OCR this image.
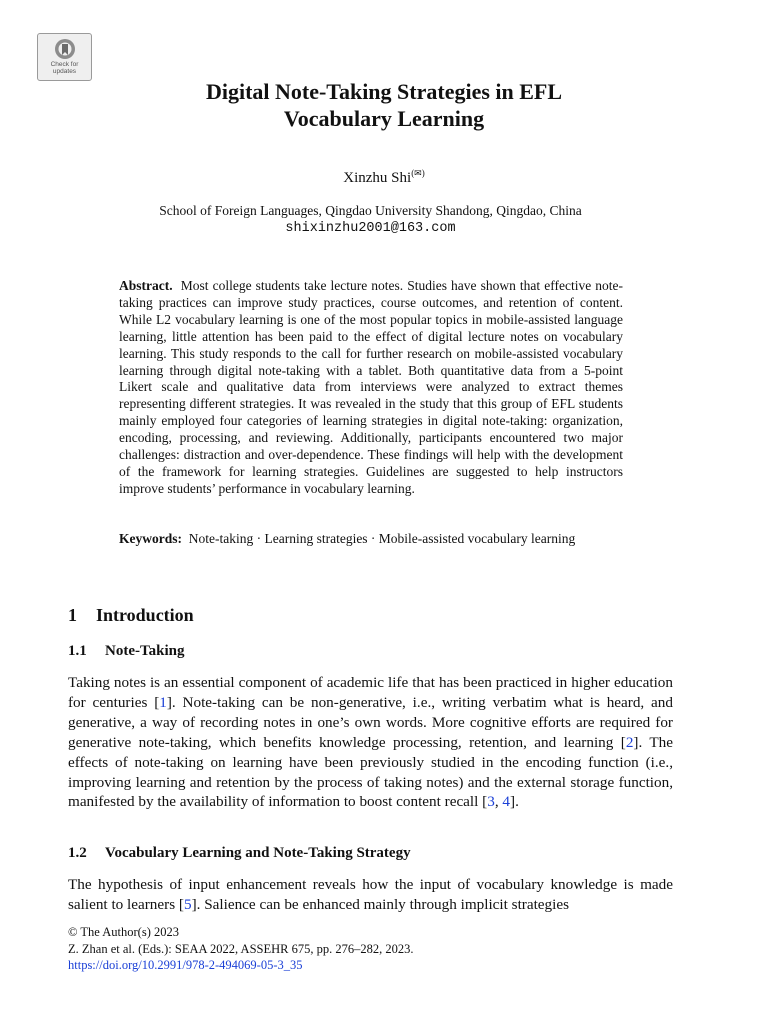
Check for
updates
Digital Note-Taking Strategies in EFL
Vocabulary Learning
Xinzhu Shi(✉)
School of Foreign Languages, Qingdao University Shandong, Qingdao, China
shixinzhu2001@163.com
Abstract. Most college students take lecture notes. Studies have shown that effective note-taking practices can improve study practices, course outcomes, and retention of content. While L2 vocabulary learning is one of the most popular topics in mobile-assisted language learning, little attention has been paid to the effect of digital lecture notes on vocabulary learning. This study responds to the call for further research on mobile-assisted vocabulary learning through digital note-taking with a tablet. Both quantitative data from a 5-point Likert scale and qualitative data from interviews were analyzed to extract themes representing different strategies. It was revealed in the study that this group of EFL students mainly employed four categories of learning strategies in digital note-taking: organization, encoding, processing, and reviewing. Additionally, participants encountered two major challenges: distraction and over-dependence. These findings will help with the development of the framework for learning strategies. Guidelines are suggested to help instructors improve students’ performance in vocabulary learning.
Keywords: Note-taking · Learning strategies · Mobile-assisted vocabulary learning
1 Introduction
1.1 Note-Taking
Taking notes is an essential component of academic life that has been practiced in higher education for centuries [1]. Note-taking can be non-generative, i.e., writing verbatim what is heard, and generative, a way of recording notes in one’s own words. More cognitive efforts are required for generative note-taking, which benefits knowledge processing, retention, and learning [2]. The effects of note-taking on learning have been previously studied in the encoding function (i.e., improving learning and retention by the process of taking notes) and the external storage function, manifested by the availability of information to boost content recall [3, 4].
1.2 Vocabulary Learning and Note-Taking Strategy
The hypothesis of input enhancement reveals how the input of vocabulary knowledge is made salient to learners [5]. Salience can be enhanced mainly through implicit strategies
© The Author(s) 2023
Z. Zhan et al. (Eds.): SEAA 2022, ASSEHR 675, pp. 276–282, 2023.
https://doi.org/10.2991/978-2-494069-05-3_35
